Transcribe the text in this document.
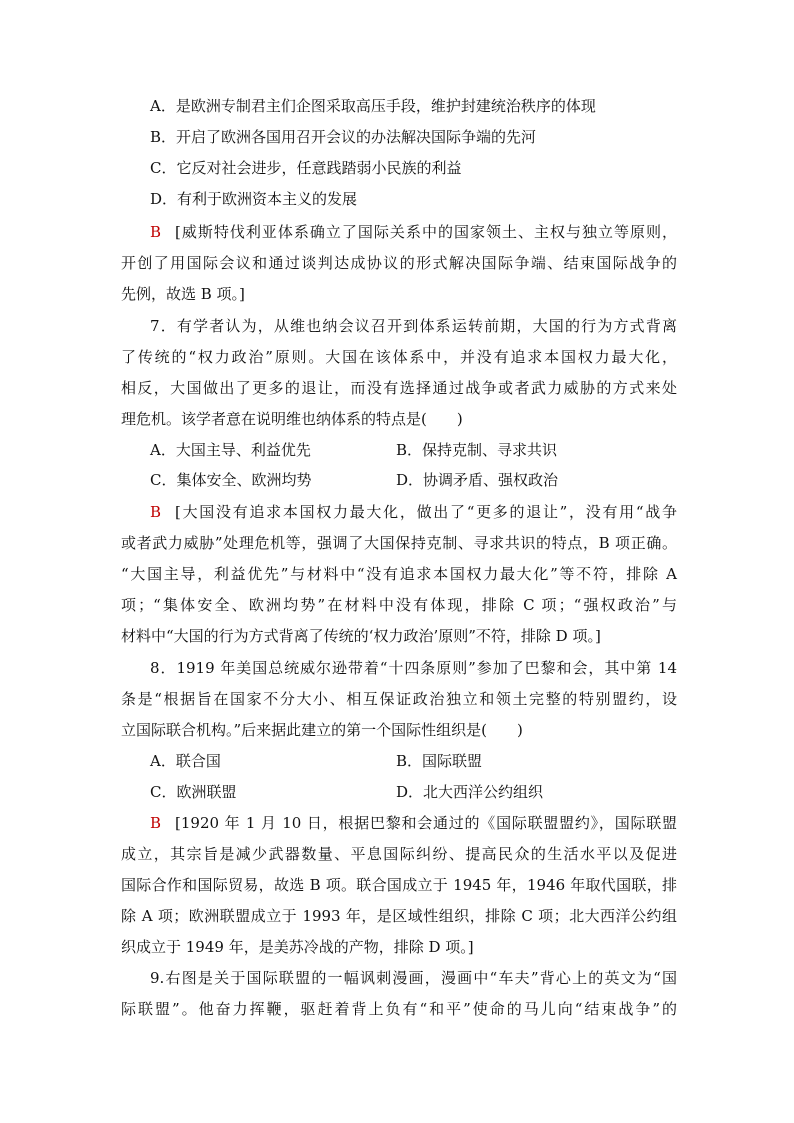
A．是欧洲专制君主们企图采取高压手段，维护封建统治秩序的体现
B．开启了欧洲各国用召开会议的办法解决国际争端的先河
C．它反对社会进步，任意践踏弱小民族的利益
D．有利于欧洲资本主义的发展
B [威斯特伐利亚体系确立了国际关系中的国家领土、主权与独立等原则，
开创了用国际会议和通过谈判达成协议的形式解决国际争端、结束国际战争的
先例，故选 B 项。]
7．有学者认为，从维也纳会议召开到体系运转前期，大国的行为方式背离
了传统的“权力政治”原则。大国在该体系中，并没有追求本国权力最大化，
相反，大国做出了更多的退让，而没有选择通过战争或者武力威胁的方式来处
理危机。该学者意在说明维也纳体系的特点是(　　)
A．大国主导、利益优先	B．保持克制、寻求共识
C．集体安全、欧洲均势	D．协调矛盾、强权政治
B [大国没有追求本国权力最大化，做出了“更多的退让”，没有用“战争
或者武力威胁”处理危机等，强调了大国保持克制、寻求共识的特点，B 项正确。
“大国主导，利益优先”与材料中“没有追求本国权力最大化”等不符，排除 A
项；“集体安全、欧洲均势”在材料中没有体现，排除 C 项；“强权政治”与
材料中“大国的行为方式背离了传统的‘权力政治’原则”不符，排除 D 项。]
8．1919 年美国总统威尔逊带着“十四条原则”参加了巴黎和会，其中第 14
条是“根据旨在国家不分大小、相互保证政治独立和领土完整的特别盟约，设
立国际联合机构。”后来据此建立的第一个国际性组织是(　　)
A．联合国	B．国际联盟
C．欧洲联盟	D．北大西洋公约组织
B [1920 年 1 月 10 日，根据巴黎和会通过的《国际联盟盟约》，国际联盟
成立，其宗旨是减少武器数量、平息国际纠纷、提高民众的生活水平以及促进
国际合作和国际贸易，故选 B 项。联合国成立于 1945 年，1946 年取代国联，排
除 A 项；欧洲联盟成立于 1993 年，是区域性组织，排除 C 项；北大西洋公约组
织成立于 1949 年，是美苏冷战的产物，排除 D 项。]
9.右图是关于国际联盟的一幅讽刺漫画，漫画中“车夫”背心上的英文为“国
际联盟”。他奋力挥鞭，驱赶着背上负有“和平”使命的马儿向“结束战争”的
